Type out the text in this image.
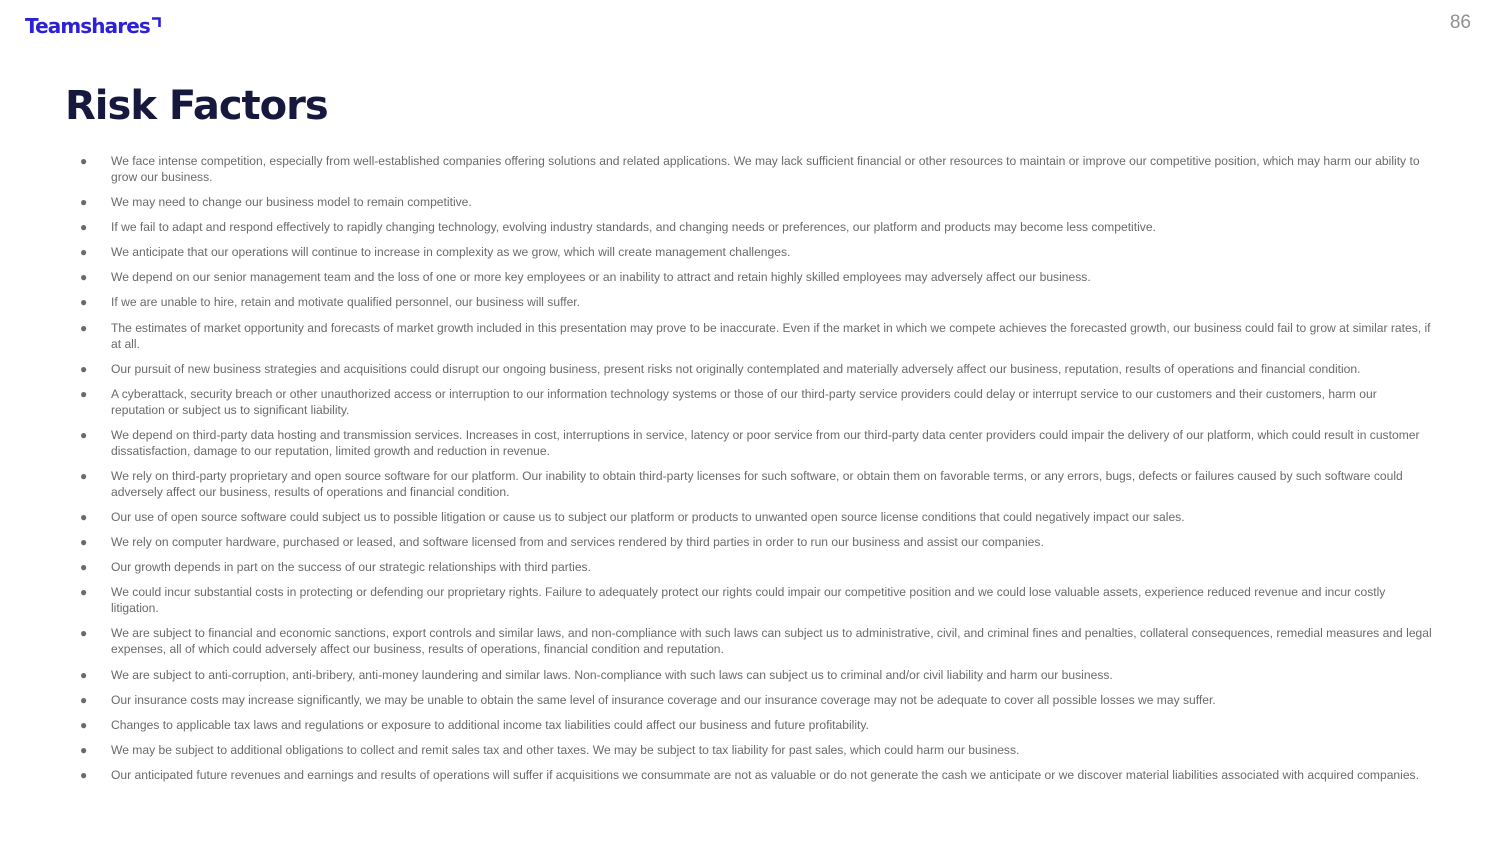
Teamshares	86
Risk Factors
● We face intense competition, especially from well-established companies offering solutions and related applications. We may lack sufficient financial or other resources to maintain or improve our competitive position, which may harm our ability to grow our business.
● We may need to change our business model to remain competitive.
● If we fail to adapt and respond effectively to rapidly changing technology, evolving industry standards, and changing needs or preferences, our platform and products may become less competitive.
● We anticipate that our operations will continue to increase in complexity as we grow, which will create management challenges.
● We depend on our senior management team and the loss of one or more key employees or an inability to attract and retain highly skilled employees may adversely affect our business.
● If we are unable to hire, retain and motivate qualified personnel, our business will suffer.
● The estimates of market opportunity and forecasts of market growth included in this presentation may prove to be inaccurate. Even if the market in which we compete achieves the forecasted growth, our business could fail to grow at similar rates, if at all.
● Our pursuit of new business strategies and acquisitions could disrupt our ongoing business, present risks not originally contemplated and materially adversely affect our business, reputation, results of operations and financial condition.
● A cyberattack, security breach or other unauthorized access or interruption to our information technology systems or those of our third-party service providers could delay or interrupt service to our customers and their customers, harm our reputation or subject us to significant liability.
● We depend on third-party data hosting and transmission services. Increases in cost, interruptions in service, latency or poor service from our third-party data center providers could impair the delivery of our platform, which could result in customer dissatisfaction, damage to our reputation, limited growth and reduction in revenue.
● We rely on third-party proprietary and open source software for our platform. Our inability to obtain third-party licenses for such software, or obtain them on favorable terms, or any errors, bugs, defects or failures caused by such software could adversely affect our business, results of operations and financial condition.
● Our use of open source software could subject us to possible litigation or cause us to subject our platform or products to unwanted open source license conditions that could negatively impact our sales.
● We rely on computer hardware, purchased or leased, and software licensed from and services rendered by third parties in order to run our business and assist our companies.
● Our growth depends in part on the success of our strategic relationships with third parties.
● We could incur substantial costs in protecting or defending our proprietary rights. Failure to adequately protect our rights could impair our competitive position and we could lose valuable assets, experience reduced revenue and incur costly litigation.
● We are subject to financial and economic sanctions, export controls and similar laws, and non-compliance with such laws can subject us to administrative, civil, and criminal fines and penalties, collateral consequences, remedial measures and legal expenses, all of which could adversely affect our business, results of operations, financial condition and reputation.
● We are subject to anti-corruption, anti-bribery, anti-money laundering and similar laws. Non-compliance with such laws can subject us to criminal and/or civil liability and harm our business.
● Our insurance costs may increase significantly, we may be unable to obtain the same level of insurance coverage and our insurance coverage may not be adequate to cover all possible losses we may suffer.
● Changes to applicable tax laws and regulations or exposure to additional income tax liabilities could affect our business and future profitability.
● We may be subject to additional obligations to collect and remit sales tax and other taxes. We may be subject to tax liability for past sales, which could harm our business.
● Our anticipated future revenues and earnings and results of operations will suffer if acquisitions we consummate are not as valuable or do not generate the cash we anticipate or we discover material liabilities associated with acquired companies.
